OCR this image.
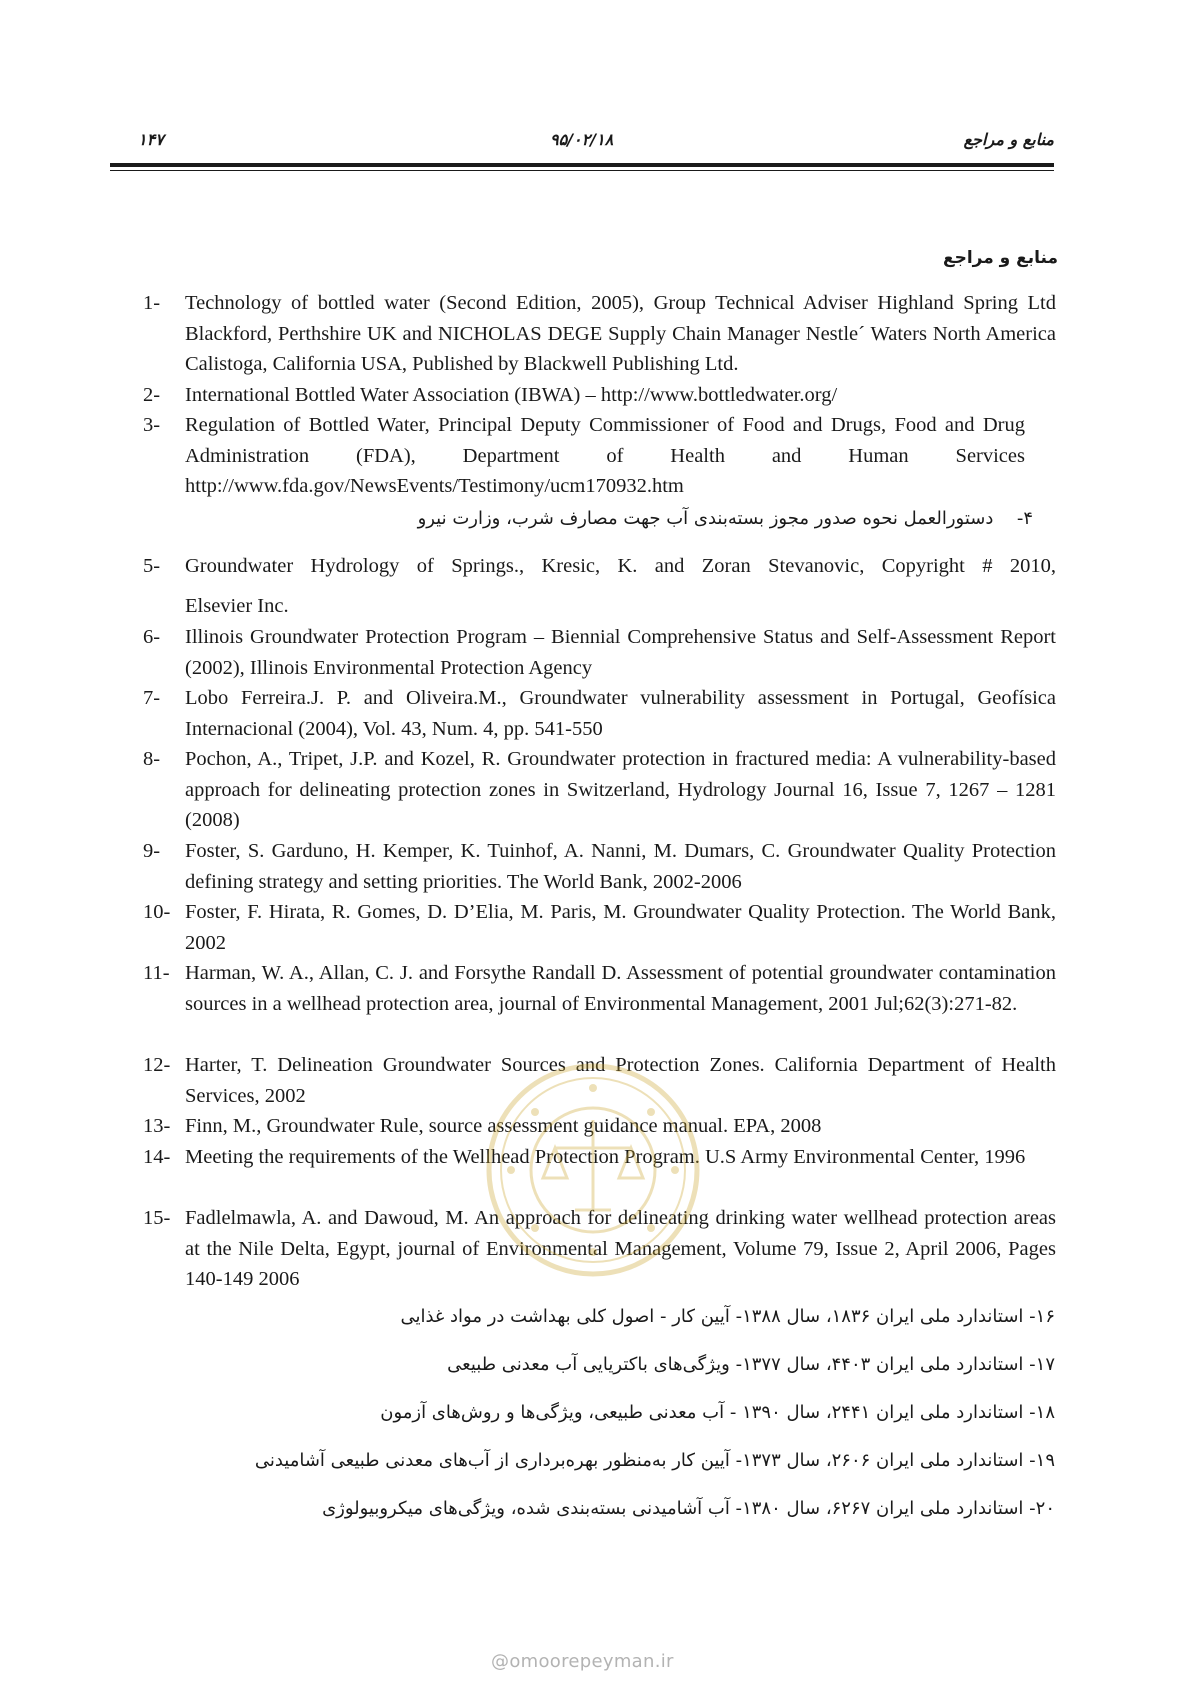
۱۴۷	۹۵/۰۲/۱۸	منابع و مراجع
منابع و مراجع
1- Technology of bottled water (Second Edition, 2005), Group Technical Adviser Highland Spring Ltd Blackford, Perthshire UK and NICHOLAS DEGE Supply Chain Manager Nestle´ Waters North America Calistoga, California USA, Published by Blackwell Publishing Ltd.
2- International Bottled Water Association (IBWA) – http://www.bottledwater.org/
3- Regulation of Bottled Water, Principal Deputy Commissioner of Food and Drugs, Food and Drug Administration (FDA), Department of Health and Human Services http://www.fda.gov/NewsEvents/Testimony/ucm170932.htm
۴-  دستورالعمل نحوه صدور مجوز بسته‌بندی آب جهت مصارف شرب، وزارت نیرو
5- Groundwater Hydrology of Springs., Kresic, K. and Zoran Stevanovic, Copyright # 2010,
Elsevier Inc.
6- Illinois Groundwater Protection Program – Biennial Comprehensive Status and Self-Assessment Report (2002), Illinois Environmental Protection Agency
7- Lobo Ferreira.J. P. and Oliveira.M., Groundwater vulnerability assessment in Portugal, Geofísica Internacional (2004), Vol. 43, Num. 4, pp. 541-550
8- Pochon, A., Tripet, J.P. and Kozel, R. Groundwater protection in fractured media: A vulnerability-based approach for delineating protection zones in Switzerland, Hydrology Journal 16, Issue 7, 1267 – 1281 (2008)
9- Foster, S. Garduno, H. Kemper, K. Tuinhof, A. Nanni, M. Dumars, C. Groundwater Quality Protection defining strategy and setting priorities. The World Bank, 2002-2006
10- Foster, F. Hirata, R. Gomes, D. D’Elia, M. Paris, M. Groundwater Quality Protection. The World Bank, 2002
11- Harman, W. A., Allan, C. J. and Forsythe Randall D. Assessment of potential groundwater contamination sources in a wellhead protection area, journal of Environmental Management, 2001 Jul;62(3):271-82.
12- Harter, T. Delineation Groundwater Sources and Protection Zones. California Department of Health Services, 2002
13- Finn, M., Groundwater Rule, source assessment guidance manual. EPA, 2008
14- Meeting the requirements of the Wellhead Protection Program. U.S Army Environmental Center, 1996
15- Fadlelmawla, A. and Dawoud, M. An approach for delineating drinking water wellhead protection areas at the Nile Delta, Egypt, journal of Environmental Management, Volume 79, Issue 2, April 2006, Pages 140-149 2006
۱۶- استاندارد ملی ایران ۱۸۳۶، سال ۱۳۸۸- آیین کار - اصول کلی بهداشت در مواد غذایی
۱۷- استاندارد ملی ایران ۴۴۰۳، سال ۱۳۷۷- ویژگی‌های باکتریایی آب معدنی طبیعی
۱۸- استاندارد ملی ایران ۲۴۴۱، سال ۱۳۹۰ - آب معدنی طبیعی، ویژگی‌ها و روش‌های آزمون
۱۹- استاندارد ملی ایران ۲۶۰۶، سال ۱۳۷۳- آیین کار به‌منظور بهره‌برداری از آب‌های معدنی طبیعی آشامیدنی
۲۰- استاندارد ملی ایران ۶۲۶۷، سال ۱۳۸۰- آب آشامیدنی بسته‌بندی شده، ویژگی‌های میکروبیولوژی
@omoorepeyman.ir
